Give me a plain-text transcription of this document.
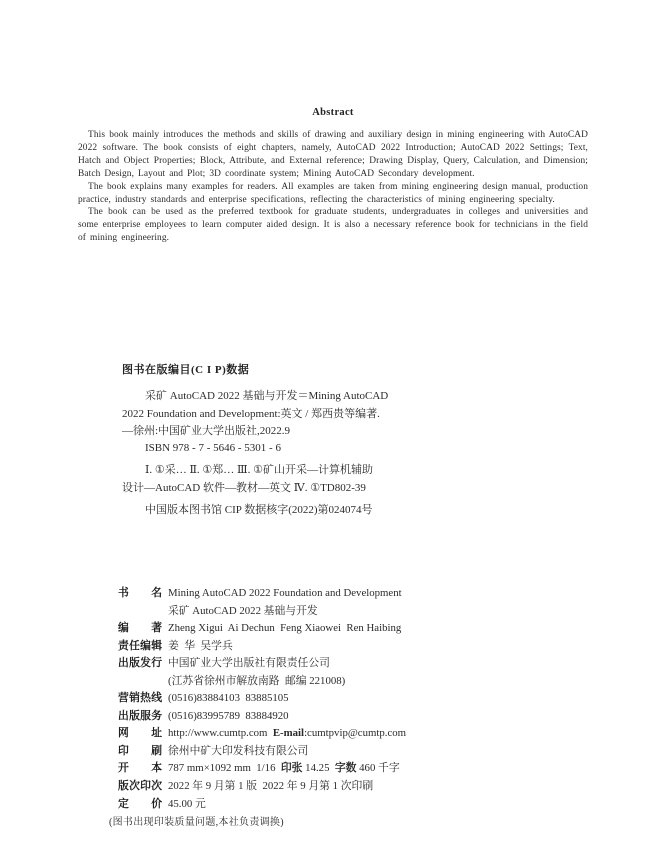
Abstract

This book mainly introduces the methods and skills of drawing and auxiliary design in mining engineering with AutoCAD 2022 software. The book consists of eight chapters, namely, AutoCAD 2022 Introduction; AutoCAD 2022 Settings; Text, Hatch and Object Properties; Block, Attribute, and External reference; Drawing Display, Query, Calculation, and Dimension; Batch Design, Layout and Plot; 3D coordinate system; Mining AutoCAD Secondary development.

The book explains many examples for readers. All examples are taken from mining engineering design manual, production practice, industry standards and enterprise specifications, reflecting the characteristics of mining engineering specialty.

The book can be used as the preferred textbook for graduate students, undergraduates in colleges and universities and some enterprise employees to learn computer aided design. It is also a necessary reference book for technicians in the field of mining engineering.

图书在版编目(C I P)数据
采矿 AutoCAD 2022 基础与开发＝Mining AutoCAD
2022 Foundation and Development:英文 / 郑西贵等编著.
—徐州:中国矿业大学出版社,2022.9
ISBN 978 - 7 - 5646 - 5301 - 6
Ⅰ. ①采… Ⅱ. ①郑… Ⅲ. ①矿山开采—计算机辅助
设计—AutoCAD 软件—教材—英文 Ⅳ. ①TD802-39
中国版本图书馆 CIP 数据核字(2022)第024074号
书 名 Mining AutoCAD 2022 Foundation and Development
采矿 AutoCAD 2022 基础与开发
编 著 Zheng Xigui  Ai Dechun  Feng Xiaowei  Ren Haibing
责 任 编 辑 姜  华  吴学兵
出 版 发 行 中国矿业大学出版社有限责任公司
(江苏省徐州市解放南路  邮编 221008)
营 销 热 线 (0516)83884103  83885105
出 版 服 务 (0516)83995789  83884920
网 址 http://www.cumtp.com  E-mail:cumtpvip@cumtp.com
印 刷 徐州中矿大印发科技有限公司
开 本 787 mm×1092 mm  1/16  印张 14.25  字数 460 千字
版 次 印 次 2022 年 9 月第 1 版  2022 年 9 月第 1 次印刷
定 价 45.00 元
(图书出现印装质量问题,本社负责调换)
